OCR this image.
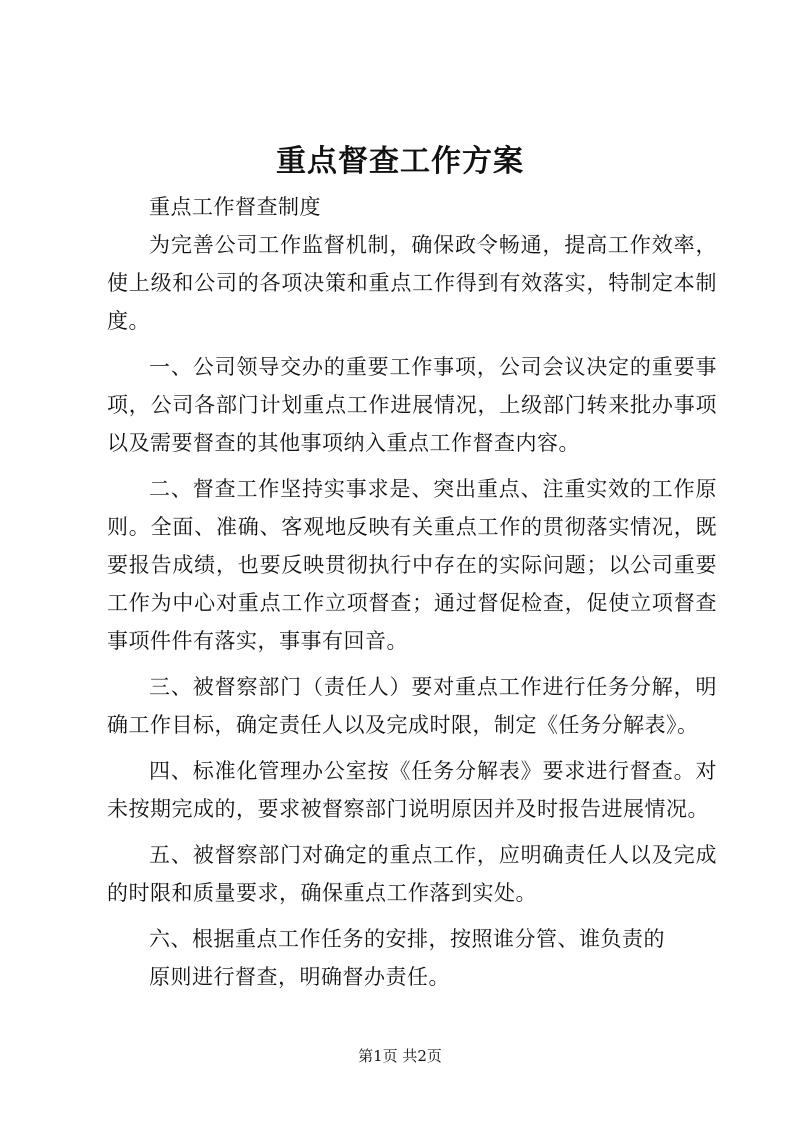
重点督查工作方案

重点工作督查制度

为完善公司工作监督机制，确保政令畅通，提高工作效率，使上级和公司的各项决策和重点工作得到有效落实，特制定本制度。

一、公司领导交办的重要工作事项，公司会议决定的重要事项，公司各部门计划重点工作进展情况，上级部门转来批办事项以及需要督查的其他事项纳入重点工作督查内容。

二、督查工作坚持实事求是、突出重点、注重实效的工作原则。全面、准确、客观地反映有关重点工作的贯彻落实情况，既要报告成绩，也要反映贯彻执行中存在的实际问题；以公司重要工作为中心对重点工作立项督查；通过督促检查，促使立项督查事项件件有落实，事事有回音。

三、被督察部门（责任人）要对重点工作进行任务分解，明确工作目标，确定责任人以及完成时限，制定《任务分解表》。

四、标准化管理办公室按《任务分解表》要求进行督查。对未按期完成的，要求被督察部门说明原因并及时报告进展情况。

五、被督察部门对确定的重点工作，应明确责任人以及完成的时限和质量要求，确保重点工作落到实处。

六、根据重点工作任务的安排，按照谁分管、谁负责的

原则进行督查，明确督办责任。

第1页 共2页
